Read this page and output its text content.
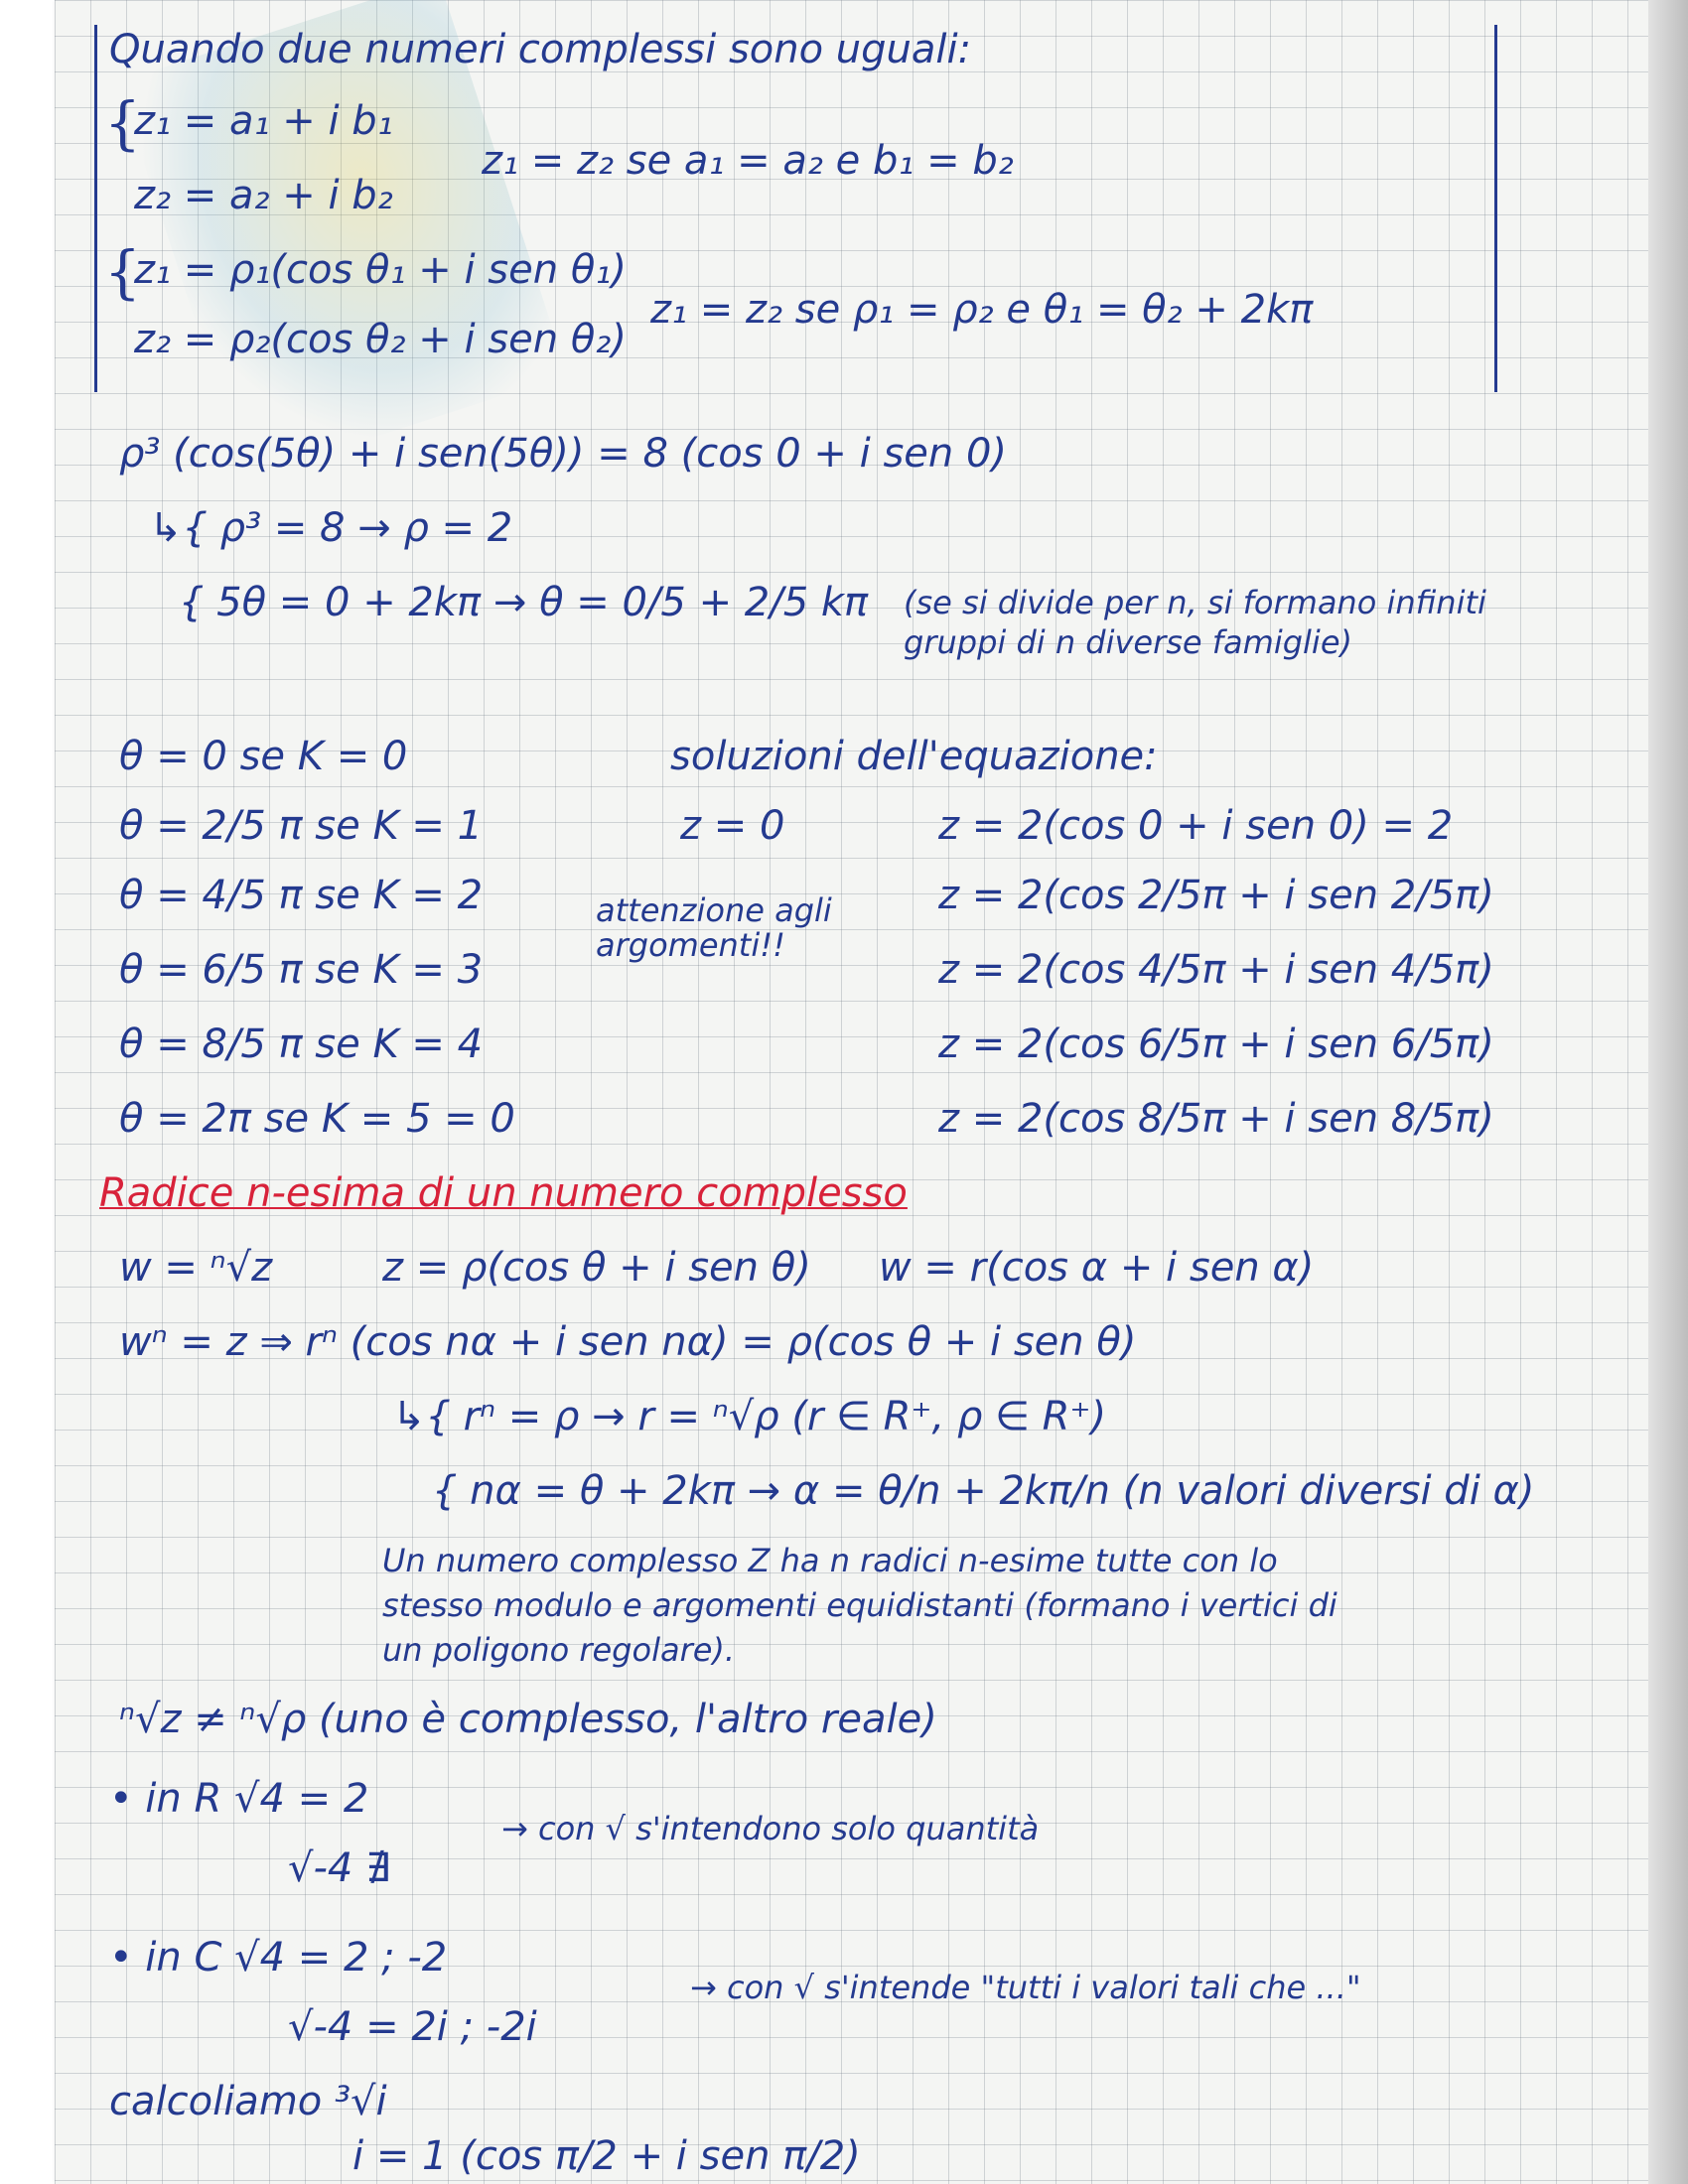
Quando due numeri complessi sono uguali:
{
z₁ = a₁ + i b₁
z₂ = a₂ + i b₂
z₁ = z₂ se a₁ = a₂ e b₁ = b₂
{
z₁ = ρ₁(cos θ₁ + i sen θ₁)
z₂ = ρ₂(cos θ₂ + i sen θ₂)
z₁ = z₂ se ρ₁ = ρ₂ e θ₁ = θ₂ + 2kπ
ρ³ (cos(5θ) + i sen(5θ)) = 8 (cos 0 + i sen 0)
↳{ ρ³ = 8 → ρ = 2
{ 5θ = 0 + 2kπ → θ = 0/5 + 2/5 kπ (se si divide per n, si formano infiniti
gruppi di n diverse famiglie)
θ = 0 se K = 0
θ = 2/5 π se K = 1
θ = 4/5 π se K = 2
θ = 6/5 π se K = 3
θ = 8/5 π se K = 4
θ = 2π se K = 5 = 0
soluzioni dell'equazione:
z = 0
attenzione agli argomenti!!
z = 2(cos 0 + i sen 0) = 2
z = 2(cos 2/5π + i sen 2/5π)
z = 2(cos 4/5π + i sen 4/5π)
z = 2(cos 6/5π + i sen 6/5π)
z = 2(cos 8/5π + i sen 8/5π)
Radice n-esima di un numero complesso
w = ⁿ√z	z = ρ(cos θ + i sen θ) w = r(cos α + i sen α)
wⁿ = z ⇒ rⁿ (cos nα + i sen nα) = ρ(cos θ + i sen θ)
↳{ rⁿ = ρ → r = ⁿ√ρ (r ∈ R⁺, ρ ∈ R⁺)
{ nα = θ + 2kπ → α = θ/n + 2kπ/n (n valori diversi di α)
Un numero complesso Z ha n radici n-esime tutte con lo
stesso modulo e argomenti equidistanti (formano i vertici di
un poligono regolare).
ⁿ√z ≠ ⁿ√ρ (uno è complesso, l'altro reale)
• in R √4 = 2
√-4 ∄
→ con √ s'intendono solo quantità
• in C √4 = 2 ; -2
√-4 = 2i ; -2i
→ con √ s'intende "tutti i valori tali che ..."
calcoliamo ³√i
i = 1 (cos π/2 + i sen π/2)
